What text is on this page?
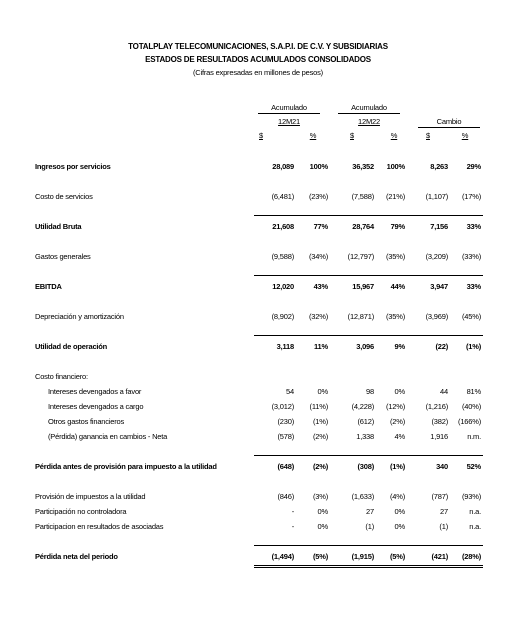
TOTALPLAY TELECOMUNICACIONES, S.A.P.I. DE C.V. Y SUBSIDIARIAS
ESTADOS DE RESULTADOS ACUMULADOS CONSOLIDADOS
(Cifras expresadas en millones de pesos)
Acumulado
12M21
Acumulado
12M22	Cambio
$	%	$	%	$	%
Ingresos por servicios	28,089 100%	36,352 100%	8,263 29%
Costo de servicios	(6,481) (23%)	(7,588) (21%)	(1,107) (17%)
Utilidad Bruta	21,608	77%	28,764 79%	7,156 33%
Gastos generales	(9,588) (34%)	(12,797) (35%)	(3,209) (33%)
EBITDA	12,020	43%	15,967 44%	3,947 33%
Depreciación y amortización	(8,902) (32%)	(12,871) (35%)	(3,969) (45%)
Utilidad de operación	3,118	11%	3,096	9%	(22) (1%)
Costo financiero:
Intereses devengados a favor	54	0%	98	0%	44 81%
Intereses devengados a cargo	(3,012) (11%)	(4,228) (12%)	(1,216) (40%)
Otros gastos financieros	(230)	(1%)	(612) (2%)	(382) (166%)
(Pérdida) ganancia en cambios - Neta	(578)	(2%)	1,338	4%	1,916	n.m.
Pérdida antes de provisión para impuesto a la utilidad	(648)	(2%)	(308) (1%)	340 52%
Provisión de impuestos a la utilidad	(846)	(3%)	(1,633) (4%)	(787) (93%)
Participación no controladora	-	0%	27	0%	27	n.a.
Participacion en resultados de asociadas	-	0%	(1)	0%	(1)	n.a.
Pérdida neta del periodo	(1,494)	(5%)	(1,915) (5%)	(421) (28%)
